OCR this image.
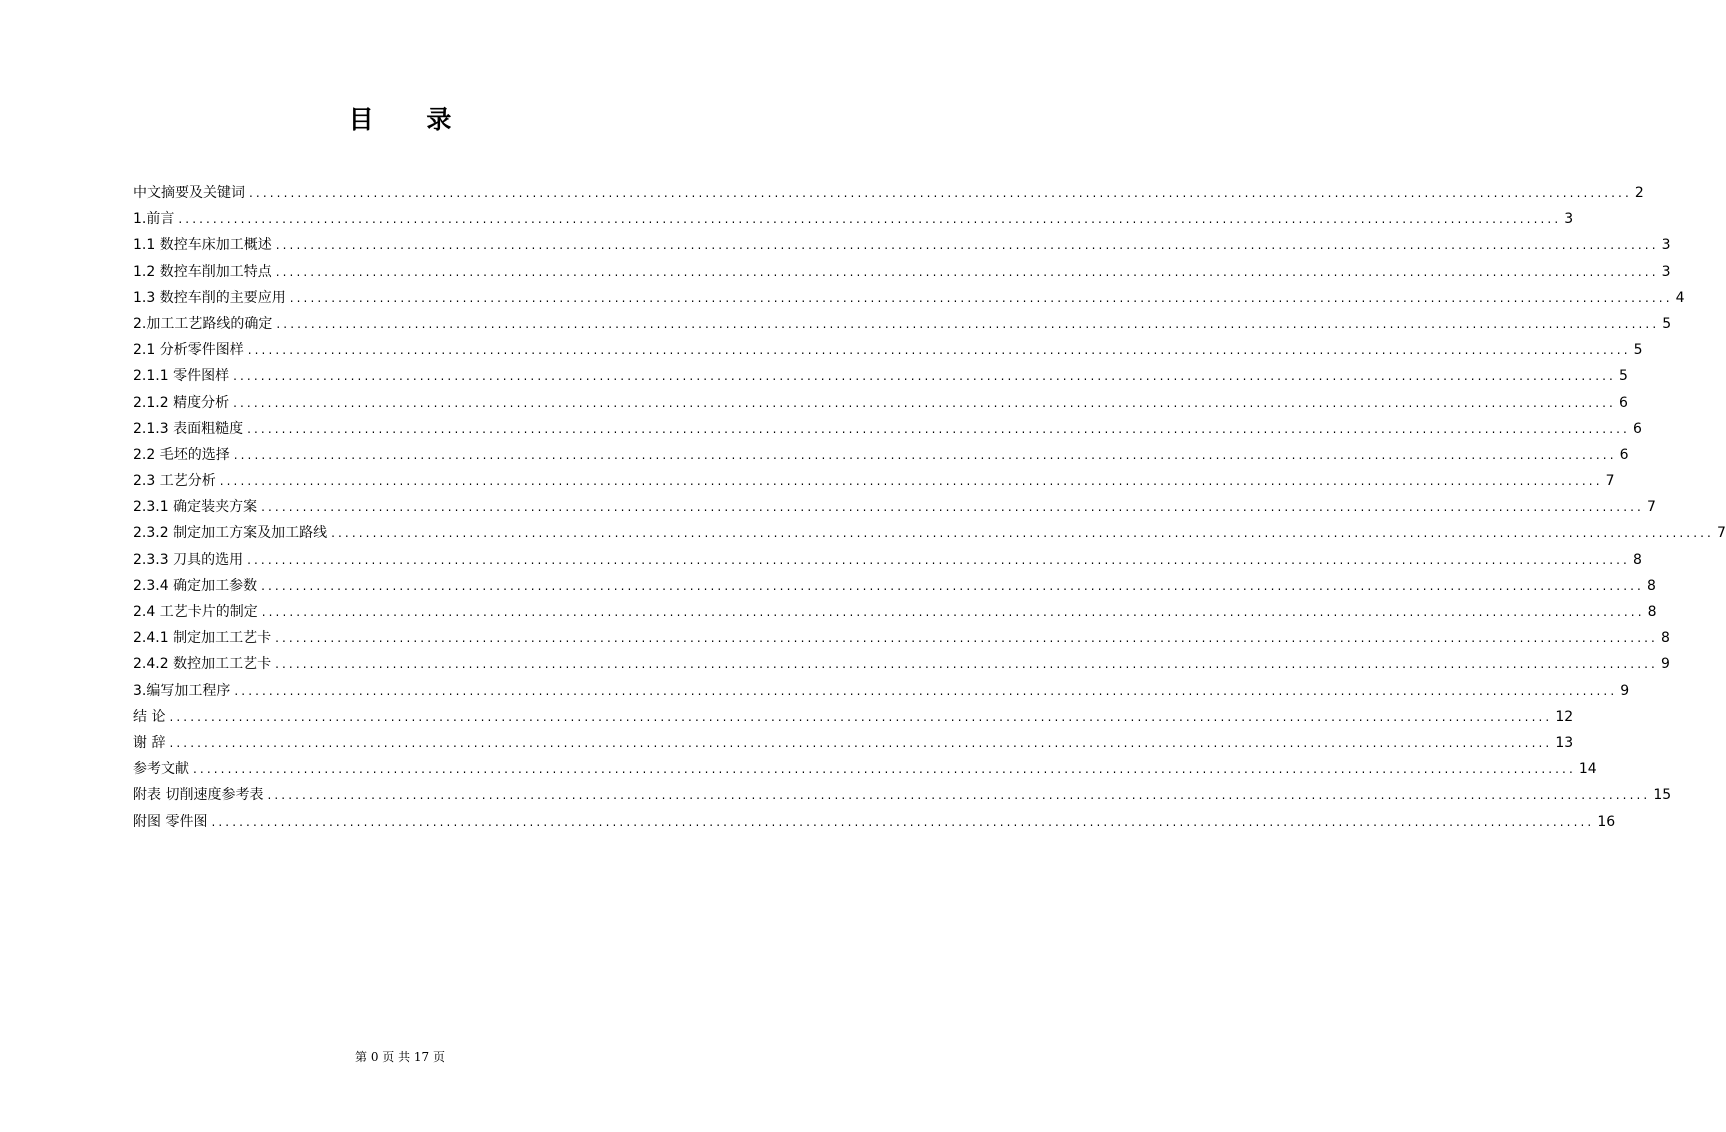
目 录
中文摘要及关键词 ........................................................................................................................................................................................................ 2
1.前言 ........................................................................................................................................................................................................ 3
1.1 数控车床加工概述 ........................................................................................................................................................................................................ 3
1.2 数控车削加工特点 ........................................................................................................................................................................................................ 3
1.3 数控车削的主要应用 ........................................................................................................................................................................................................ 4
2.加工工艺路线的确定 ........................................................................................................................................................................................................ 5
2.1 分析零件图样 ........................................................................................................................................................................................................ 5
2.1.1 零件图样 ........................................................................................................................................................................................................ 5
2.1.2 精度分析 ........................................................................................................................................................................................................ 6
2.1.3 表面粗糙度 ........................................................................................................................................................................................................ 6
2.2 毛坯的选择 ........................................................................................................................................................................................................ 6
2.3 工艺分析 ........................................................................................................................................................................................................ 7
2.3.1 确定装夹方案 ........................................................................................................................................................................................................ 7
2.3.2 制定加工方案及加工路线 ........................................................................................................................................................................................................ 7
2.3.3 刀具的选用 ........................................................................................................................................................................................................ 8
2.3.4 确定加工参数 ........................................................................................................................................................................................................ 8
2.4 工艺卡片的制定 ........................................................................................................................................................................................................ 8
2.4.1 制定加工工艺卡 ........................................................................................................................................................................................................ 8
2.4.2 数控加工工艺卡 ........................................................................................................................................................................................................ 9
3.编写加工程序 ........................................................................................................................................................................................................ 9
结 论 ........................................................................................................................................................................................................ 12
谢 辞 ........................................................................................................................................................................................................ 13
参考文献 ........................................................................................................................................................................................................ 14
附表 切削速度参考表 ........................................................................................................................................................................................................ 15
附图 零件图 ........................................................................................................................................................................................................ 16
第 0 页 共 17 页
